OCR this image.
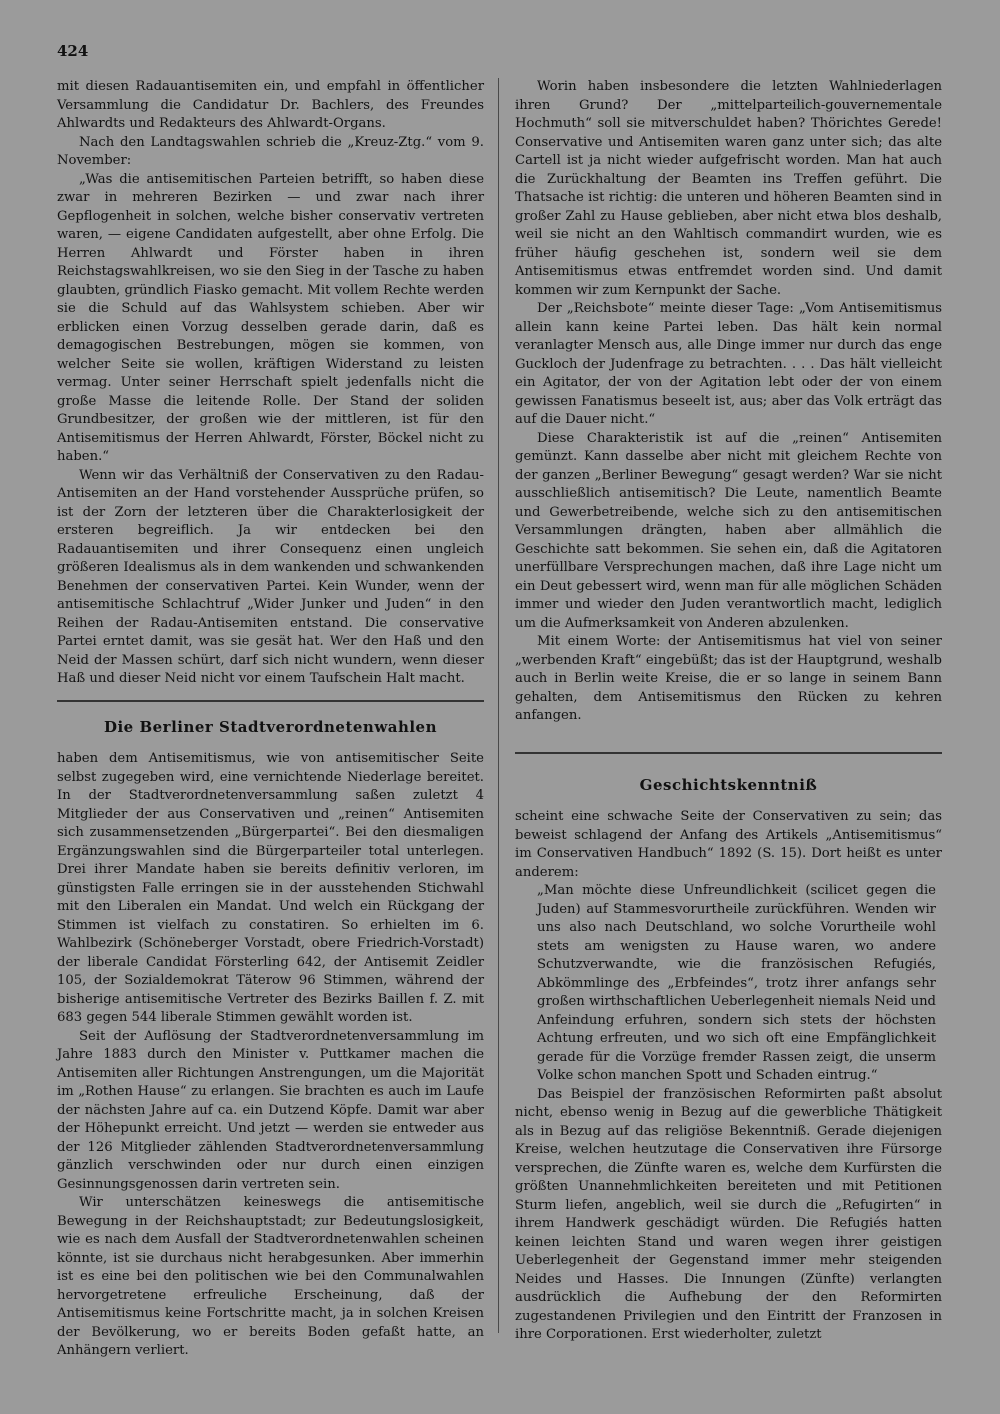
424

mit diesen Radauantisemiten ein, und empfahl in öffentlicher Versammlung die Candidatur Dr. Bachlers, des Freundes Ahlwardts und Redakteurs des Ahlwardt-Organs.

Nach den Landtagswahlen schrieb die „Kreuz-Ztg.“ vom 9. November:

„Was die antisemitischen Parteien betrifft, so haben diese zwar in mehreren Bezirken — und zwar nach ihrer Gepflogenheit in solchen, welche bisher conservativ vertreten waren, — eigene Candidaten aufgestellt, aber ohne Erfolg. Die Herren Ahlwardt und Förster haben in ihren Reichstagswahlkreisen, wo sie den Sieg in der Tasche zu haben glaubten, gründlich Fiasko gemacht. Mit vollem Rechte werden sie die Schuld auf das Wahlsystem schieben. Aber wir erblicken einen Vorzug desselben gerade darin, daß es demagogischen Bestrebungen, mögen sie kommen, von welcher Seite sie wollen, kräftigen Widerstand zu leisten vermag. Unter seiner Herrschaft spielt jedenfalls nicht die große Masse die leitende Rolle. Der Stand der soliden Grundbesitzer, der großen wie der mittleren, ist für den Antisemitismus der Herren Ahlwardt, Förster, Böckel nicht zu haben.“

Wenn wir das Verhältniß der Conservativen zu den Radau-Antisemiten an der Hand vorstehender Aussprüche prüfen, so ist der Zorn der letzteren über die Charakterlosigkeit der ersteren begreiflich. Ja wir entdecken bei den Radauantisemiten und ihrer Consequenz einen ungleich größeren Idealismus als in dem wankenden und schwankenden Benehmen der conservativen Partei. Kein Wunder, wenn der antisemitische Schlachtruf „Wider Junker und Juden“ in den Reihen der Radau-Antisemiten entstand. Die conservative Partei erntet damit, was sie gesät hat. Wer den Haß und den Neid der Massen schürt, darf sich nicht wundern, wenn dieser Haß und dieser Neid nicht vor einem Taufschein Halt macht.

Die Berliner Stadtverordnetenwahlen

haben dem Antisemitismus, wie von antisemitischer Seite selbst zugegeben wird, eine vernichtende Niederlage bereitet. In der Stadtverordnetenversammlung saßen zuletzt 4 Mitglieder der aus Conservativen und „reinen“ Antisemiten sich zusammensetzenden „Bürgerpartei“. Bei den diesmaligen Ergänzungswahlen sind die Bürgerparteiler total unterlegen. Drei ihrer Mandate haben sie bereits definitiv verloren, im günstigsten Falle erringen sie in der ausstehenden Stichwahl mit den Liberalen ein Mandat. Und welch ein Rückgang der Stimmen ist vielfach zu constatiren. So erhielten im 6. Wahlbezirk (Schöneberger Vorstadt, obere Friedrich-Vorstadt) der liberale Candidat Försterling 642, der Antisemit Zeidler 105, der Sozialdemokrat Täterow 96 Stimmen, während der bisherige antisemitische Vertreter des Bezirks Baillen f. Z. mit 683 gegen 544 liberale Stimmen gewählt worden ist.

Seit der Auflösung der Stadtverordnetenversammlung im Jahre 1883 durch den Minister v. Puttkamer machen die Antisemiten aller Richtungen Anstrengungen, um die Majorität im „Rothen Hause“ zu erlangen. Sie brachten es auch im Laufe der nächsten Jahre auf ca. ein Dutzend Köpfe. Damit war aber der Höhepunkt erreicht. Und jetzt — werden sie entweder aus der 126 Mitglieder zählenden Stadtverordnetenversammlung gänzlich verschwinden oder nur durch einen einzigen Gesinnungsgenossen darin vertreten sein.

Wir unterschätzen keineswegs die antisemitische Bewegung in der Reichshauptstadt; zur Bedeutungslosigkeit, wie es nach dem Ausfall der Stadtverordnetenwahlen scheinen könnte, ist sie durchaus nicht herabgesunken. Aber immerhin ist es eine bei den politischen wie bei den Communalwahlen hervorgetretene erfreuliche Erscheinung, daß der Antisemitismus keine Fortschritte macht, ja in solchen Kreisen der Bevölkerung, wo er bereits Boden gefaßt hatte, an Anhängern verliert.

Worin haben insbesondere die letzten Wahlniederlagen ihren Grund? Der „mittelparteilich-gouvernementale Hochmuth“ soll sie mitverschuldet haben? Thörichtes Gerede! Conservative und Antisemiten waren ganz unter sich; das alte Cartell ist ja nicht wieder aufgefrischt worden. Man hat auch die Zurückhaltung der Beamten ins Treffen geführt. Die Thatsache ist richtig: die unteren und höheren Beamten sind in großer Zahl zu Hause geblieben, aber nicht etwa blos deshalb, weil sie nicht an den Wahltisch commandirt wurden, wie es früher häufig geschehen ist, sondern weil sie dem Antisemitismus etwas entfremdet worden sind. Und damit kommen wir zum Kernpunkt der Sache.

Der „Reichsbote“ meinte dieser Tage: „Vom Antisemitismus allein kann keine Partei leben. Das hält kein normal veranlagter Mensch aus, alle Dinge immer nur durch das enge Guckloch der Judenfrage zu betrachten. . . . Das hält vielleicht ein Agitator, der von der Agitation lebt oder der von einem gewissen Fanatismus beseelt ist, aus; aber das Volk erträgt das auf die Dauer nicht.“

Diese Charakteristik ist auf die „reinen“ Antisemiten gemünzt. Kann dasselbe aber nicht mit gleichem Rechte von der ganzen „Berliner Bewegung“ gesagt werden? War sie nicht ausschließlich antisemitisch? Die Leute, namentlich Beamte und Gewerbetreibende, welche sich zu den antisemitischen Versammlungen drängten, haben aber allmählich die Geschichte satt bekommen. Sie sehen ein, daß die Agitatoren unerfüllbare Versprechungen machen, daß ihre Lage nicht um ein Deut gebessert wird, wenn man für alle möglichen Schäden immer und wieder den Juden verantwortlich macht, lediglich um die Aufmerksamkeit von Anderen abzulenken.

Mit einem Worte: der Antisemitismus hat viel von seiner „werbenden Kraft“ eingebüßt; das ist der Hauptgrund, weshalb auch in Berlin weite Kreise, die er so lange in seinem Bann gehalten, dem Antisemitismus den Rücken zu kehren anfangen.

Geschichtskenntniß

scheint eine schwache Seite der Conservativen zu sein; das beweist schlagend der Anfang des Artikels „Antisemitismus“ im Conservativen Handbuch“ 1892 (S. 15). Dort heißt es unter anderem:

„Man möchte diese Unfreundlichkeit (scilicet gegen die Juden) auf Stammesvorurtheile zurückführen. Wenden wir uns also nach Deutschland, wo solche Vorurtheile wohl stets am wenigsten zu Hause waren, wo andere Schutzverwandte, wie die französischen Refugiés, Abkömmlinge des „Erbfeindes“, trotz ihrer anfangs sehr großen wirthschaftlichen Ueberlegenheit niemals Neid und Anfeindung erfuhren, sondern sich stets der höchsten Achtung erfreuten, und wo sich oft eine Empfänglichkeit gerade für die Vorzüge fremder Rassen zeigt, die unserm Volke schon manchen Spott und Schaden eintrug.“

Das Beispiel der französischen Reformirten paßt absolut nicht, ebenso wenig in Bezug auf die gewerbliche Thätigkeit als in Bezug auf das religiöse Bekenntniß. Gerade diejenigen Kreise, welchen heutzutage die Conservativen ihre Fürsorge versprechen, die Zünfte waren es, welche dem Kurfürsten die größten Unannehmlichkeiten bereiteten und mit Petitionen Sturm liefen, angeblich, weil sie durch die „Refugirten“ in ihrem Handwerk geschädigt würden. Die Refugiés hatten keinen leichten Stand und waren wegen ihrer geistigen Ueberlegenheit der Gegenstand immer mehr steigenden Neides und Hasses. Die Innungen (Zünfte) verlangten ausdrücklich die Aufhebung der den Reformirten zugestandenen Privilegien und den Eintritt der Franzosen in ihre Corporationen. Erst wiederholter, zuletzt
